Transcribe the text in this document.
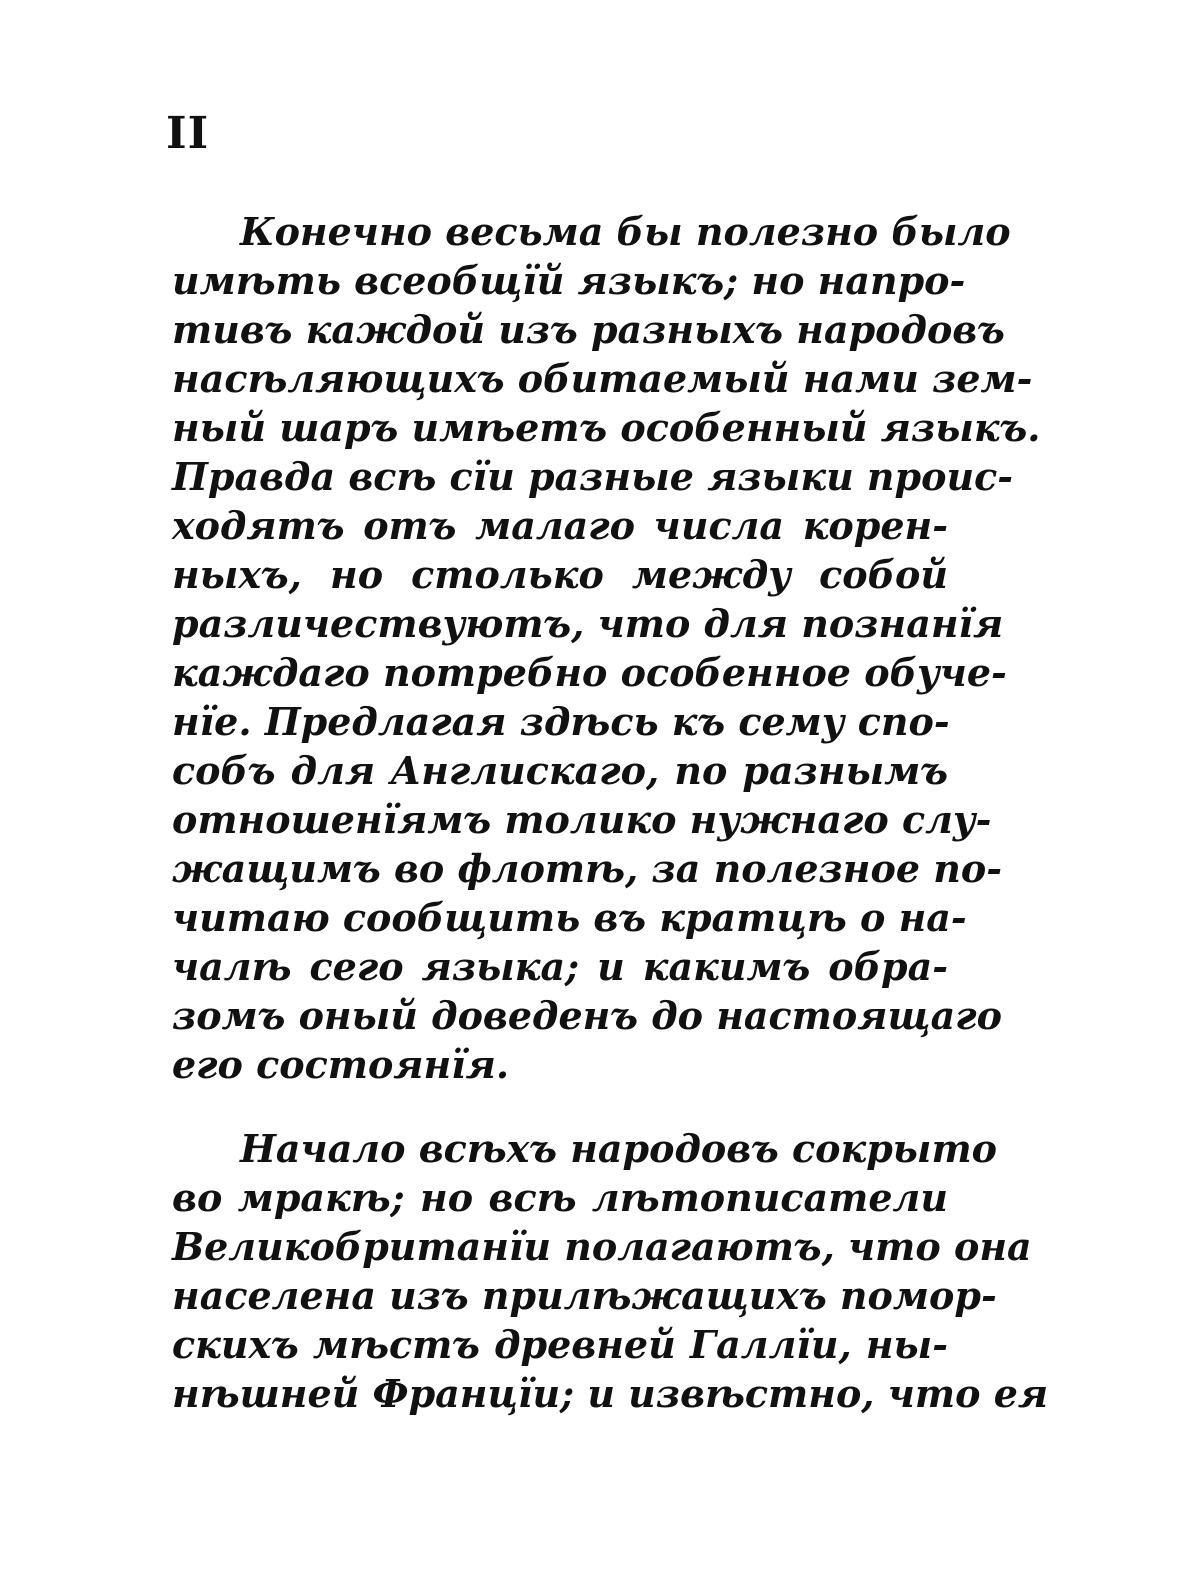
II
Конечно весьма бы полезно было
имѣть всеобщïй языкъ; но напро-
тивъ каждой изъ разныхъ народовъ
насѣляющихъ обитаемый нами зем-
ный шаръ имѣетъ особенный языкъ.
Правда всѣ сïи разные языки проис-
ходятъ отъ малаго числа корен-
ныхъ, но столько между собой
различествуютъ, что для познанïя
каждаго потребно особенное обуче-
нïе. Предлагая здѣсь къ сему спо-
собъ для Англискаго, по разнымъ
отношенïямъ толико нужнаго слу-
жащимъ во флотѣ, за полезное по-
читаю сообщить въ кратцѣ о на-
чалѣ сего языка; и какимъ обра-
зомъ оный доведенъ до настоящаго
его состоянïя.
Начало всѣхъ народовъ сокрыто
во мракѣ; но всѣ лѣтописатели
Великобританïи полагаютъ, что она
населена изъ прилѣжащихъ помор-
скихъ мѣстъ древней Галлïи, ны-
нѣшней Францïи; и извѣстно, что ея
